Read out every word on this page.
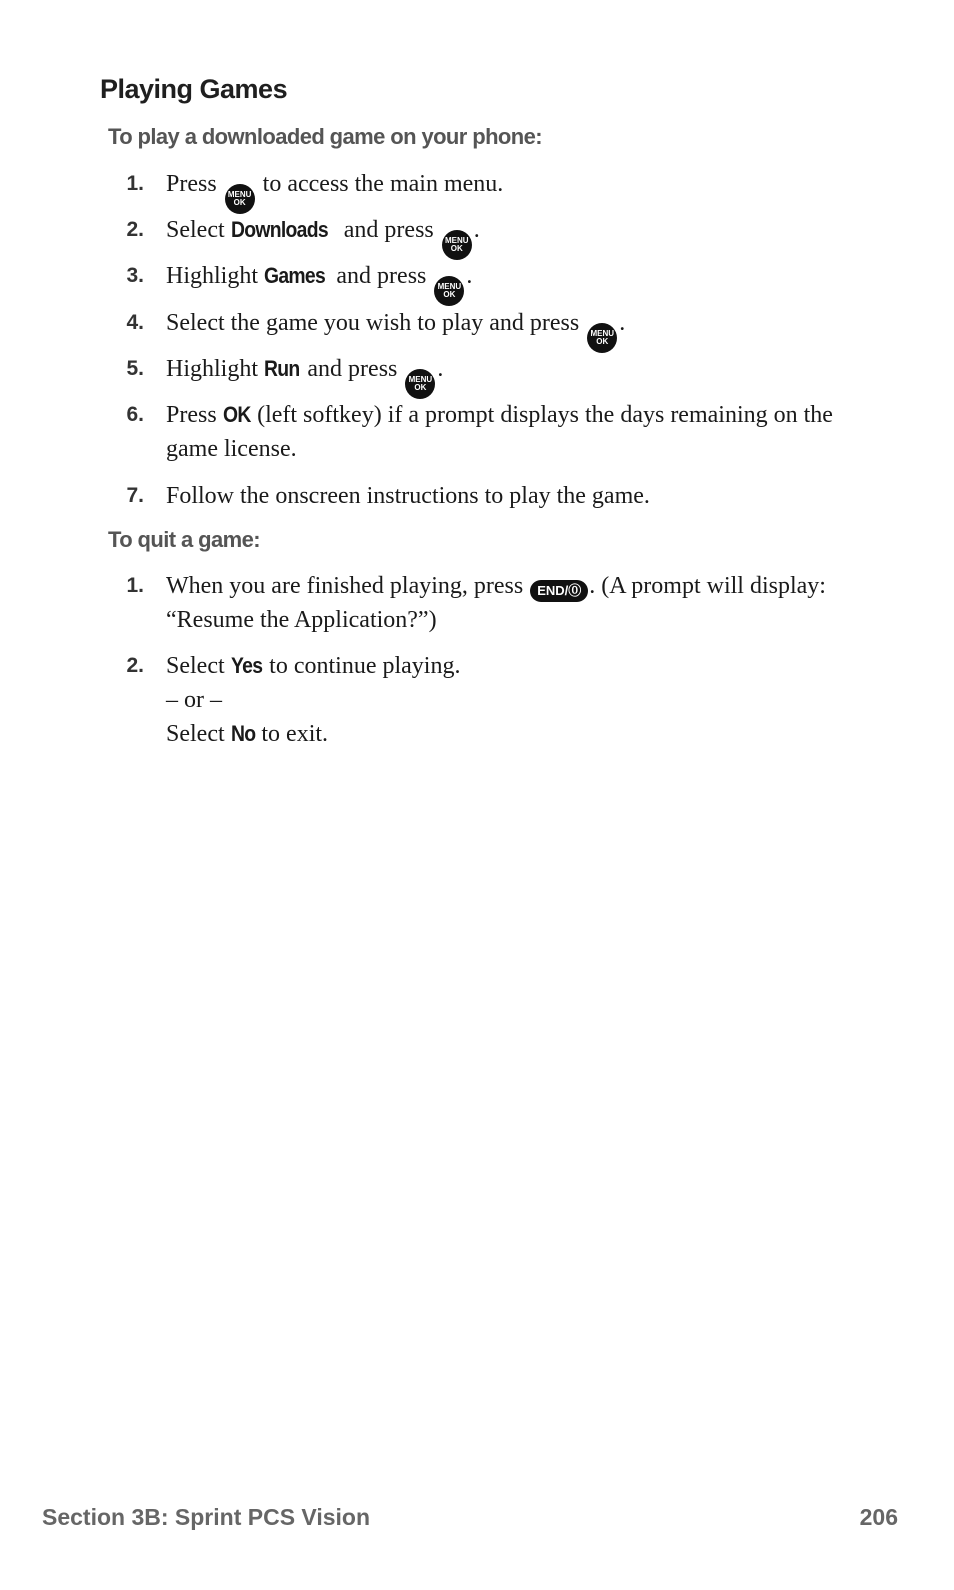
Playing Games
To play a downloaded game on your phone:
1. Press MENU
OK
to access the main menu.
2. Select Downloads and press MENU
OK
.
3. Highlight Games and press MENU
OK
.
4. Select the game you wish to play and press MENU
OK
.
5. Highlight Run and press MENU
OK
.
6. Press OK (left softkey) if a prompt displays the days remaining on the game license.
7. Follow the onscreen instructions to play the game.
To quit a game:
1. When you are finished playing, press END/⓪ . (A prompt will display: “Resume the Application?”)
2. Select Yes to continue playing.
– or –
Select No to exit.
Section 3B: Sprint PCS Vision	206
